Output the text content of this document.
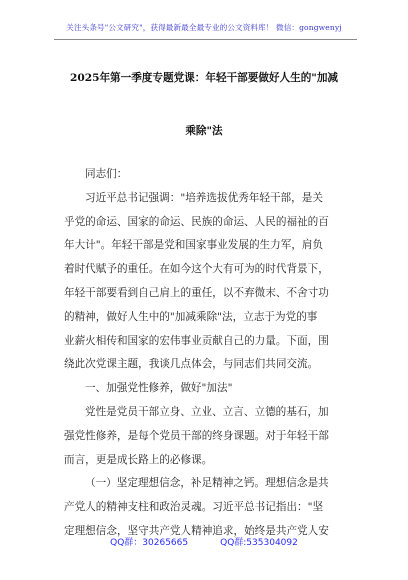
关注头条号"公文研究"，获得最新最全最专业的公文资料库！ 微信：gongwenyj
2025年第一季度专题党课：年轻干部要做好人生的"加减
乘除"法
同志们：
习近平总书记强调："培养选拔优秀年轻干部，是关
乎党的命运、国家的命运、民族的命运、人民的福祉的百
年大计"。年轻干部是党和国家事业发展的生力军，肩负
着时代赋予的重任。在如今这个大有可为的时代背景下，
年轻干部要看到自己肩上的重任，以不弃微末、不舍寸功
的精神，做好人生中的"加减乘除"法，立志于为党的事
业薪火相传和国家的宏伟事业贡献自己的力量。下面，围
绕此次党课主题，我谈几点体会，与同志们共同交流。
一、加强党性修养，做好"加法"
党性是党员干部立身、立业、立言、立德的基石，加
强党性修养，是每个党员干部的终身课题。对于年轻干部
而言，更是成长路上的必修课。
（一）坚定理想信念，补足精神之钙。理想信念是共
产党人的精神支柱和政治灵魂。习近平总书记指出："坚
定理想信念，坚守共产党人精神追求，始终是共产党人安
QQ群：30265665	QQ群:535304092
